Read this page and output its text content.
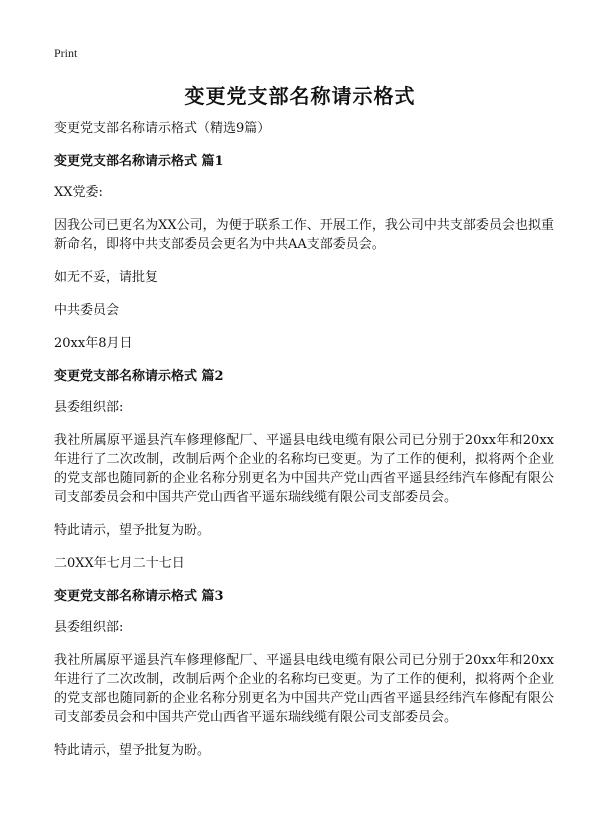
Print
变更党支部名称请示格式

变更党支部名称请示格式（精选9篇）

变更党支部名称请示格式 篇1

XX党委:

因我公司已更名为XX公司，为便于联系工作、开展工作，我公司中共支部委员会也拟重新命名，即将中共支部委员会更名为中共AA支部委员会。

如无不妥，请批复

中共委员会

20xx年8月日

变更党支部名称请示格式 篇2

县委组织部:

我社所属原平遥县汽车修理修配厂、平遥县电线电缆有限公司已分别于20xx年和20xx年进行了二次改制，改制后两个企业的名称均已变更。为了工作的便利，拟将两个企业的党支部也随同新的企业名称分别更名为中国共产党山西省平遥县经纬汽车修配有限公司支部委员会和中国共产党山西省平遥东瑞线缆有限公司支部委员会。

特此请示，望予批复为盼。

二0XX年七月二十七日

变更党支部名称请示格式 篇3

县委组织部:

我社所属原平遥县汽车修理修配厂、平遥县电线电缆有限公司已分别于20xx年和20xx年进行了二次改制，改制后两个企业的名称均已变更。为了工作的便利，拟将两个企业的党支部也随同新的企业名称分别更名为中国共产党山西省平遥县经纬汽车修配有限公司支部委员会和中国共产党山西省平遥东瑞线缆有限公司支部委员会。

特此请示，望予批复为盼。
